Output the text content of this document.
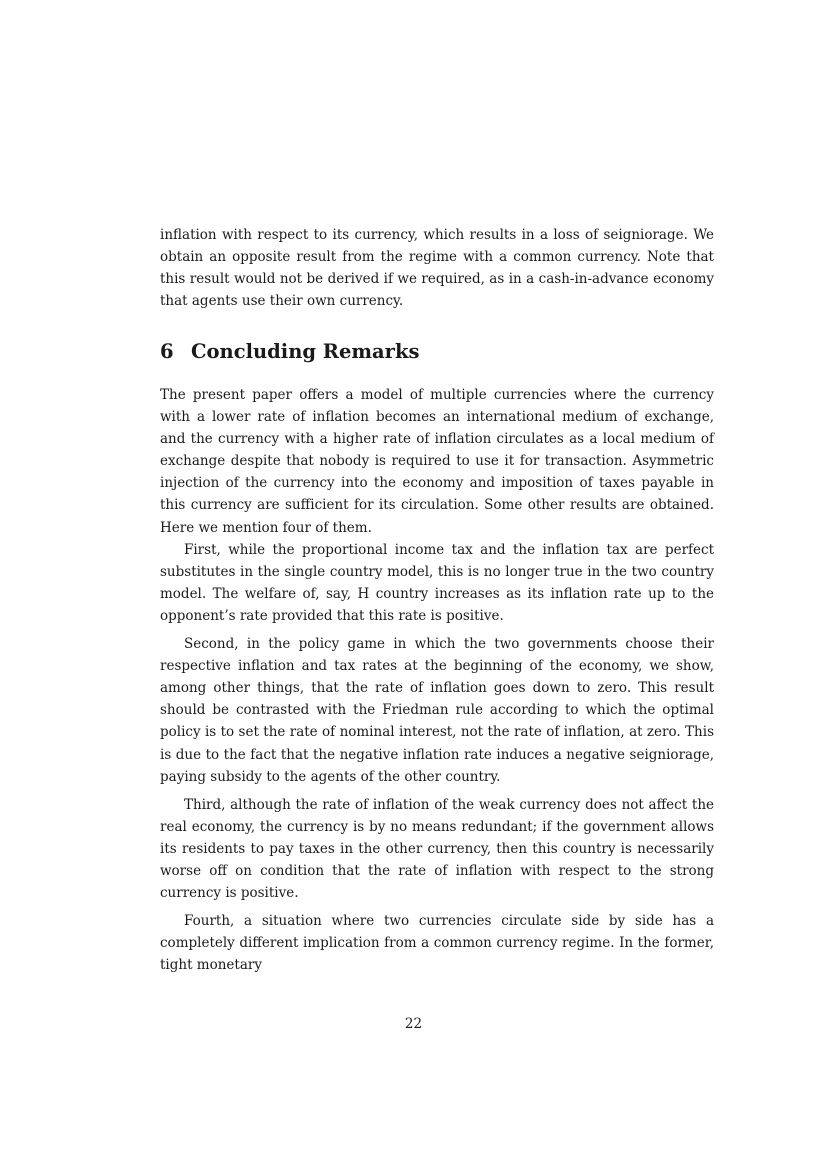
inflation with respect to its currency, which results in a loss of seigniorage. We obtain an opposite result from the regime with a common currency. Note that this result would not be derived if we required, as in a cash-in-advance economy that agents use their own currency.

6 Concluding Remarks

The present paper offers a model of multiple currencies where the currency with a lower rate of inflation becomes an international medium of exchange, and the currency with a higher rate of inflation circulates as a local medium of exchange despite that nobody is required to use it for transaction. Asymmetric injection of the currency into the economy and imposition of taxes payable in this currency are sufficient for its circulation. Some other results are obtained. Here we mention four of them.

First, while the proportional income tax and the inflation tax are perfect substitutes in the single country model, this is no longer true in the two country model. The welfare of, say, H country increases as its inflation rate up to the opponent’s rate provided that this rate is positive.

Second, in the policy game in which the two governments choose their respective inflation and tax rates at the beginning of the economy, we show, among other things, that the rate of inflation goes down to zero. This result should be contrasted with the Friedman rule according to which the optimal policy is to set the rate of nominal interest, not the rate of inflation, at zero. This is due to the fact that the negative inflation rate induces a negative seigniorage, paying subsidy to the agents of the other country.

Third, although the rate of inflation of the weak currency does not affect the real economy, the currency is by no means redundant; if the government allows its residents to pay taxes in the other currency, then this country is necessarily worse off on condition that the rate of inflation with respect to the strong currency is positive.

Fourth, a situation where two currencies circulate side by side has a completely different implication from a common currency regime. In the former, tight monetary

22
